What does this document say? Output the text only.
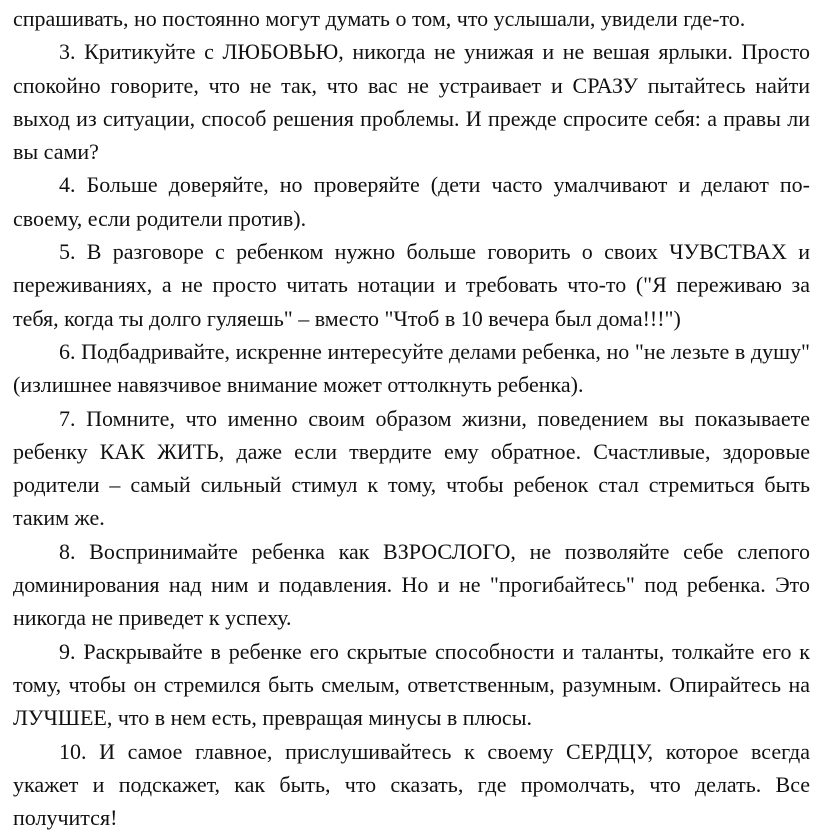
спрашивать, но постоянно могут думать о том, что услышали, увидели где-то.

3. Критикуйте с ЛЮБОВЬЮ, никогда не унижая и не вешая ярлыки. Просто спокойно говорите, что не так, что вас не устраивает и СРАЗУ пытайтесь найти выход из ситуации, способ решения проблемы. И прежде спросите себя: а правы ли вы сами?

4. Больше доверяйте, но проверяйте (дети часто умалчивают и делают по-своему, если родители против).

5. В разговоре с ребенком нужно больше говорить о своих ЧУВСТВАХ и переживаниях, а не просто читать нотации и требовать что-то ("Я переживаю за тебя, когда ты долго гуляешь" – вместо "Чтоб в 10 вечера был дома!!!")

6. Подбадривайте, искренне интересуйте делами ребенка, но "не лезьте в душу" (излишнее навязчивое внимание может оттолкнуть ребенка).

7. Помните, что именно своим образом жизни, поведением вы показываете ребенку КАК ЖИТЬ, даже если твердите ему обратное. Счастливые, здоровые родители – самый сильный стимул к тому, чтобы ребенок стал стремиться быть таким же.

8. Воспринимайте ребенка как ВЗРОСЛОГО, не позволяйте себе слепого доминирования над ним и подавления. Но и не "прогибайтесь" под ребенка. Это никогда не приведет к успеху.

9. Раскрывайте в ребенке его скрытые способности и таланты, толкайте его к тому, чтобы он стремился быть смелым, ответственным, разумным. Опирайтесь на ЛУЧШЕЕ, что в нем есть, превращая минусы в плюсы.

10. И самое главное, прислушивайтесь к своему СЕРДЦУ, которое всегда укажет и подскажет, как быть, что сказать, где промолчать, что делать. Все получится!
